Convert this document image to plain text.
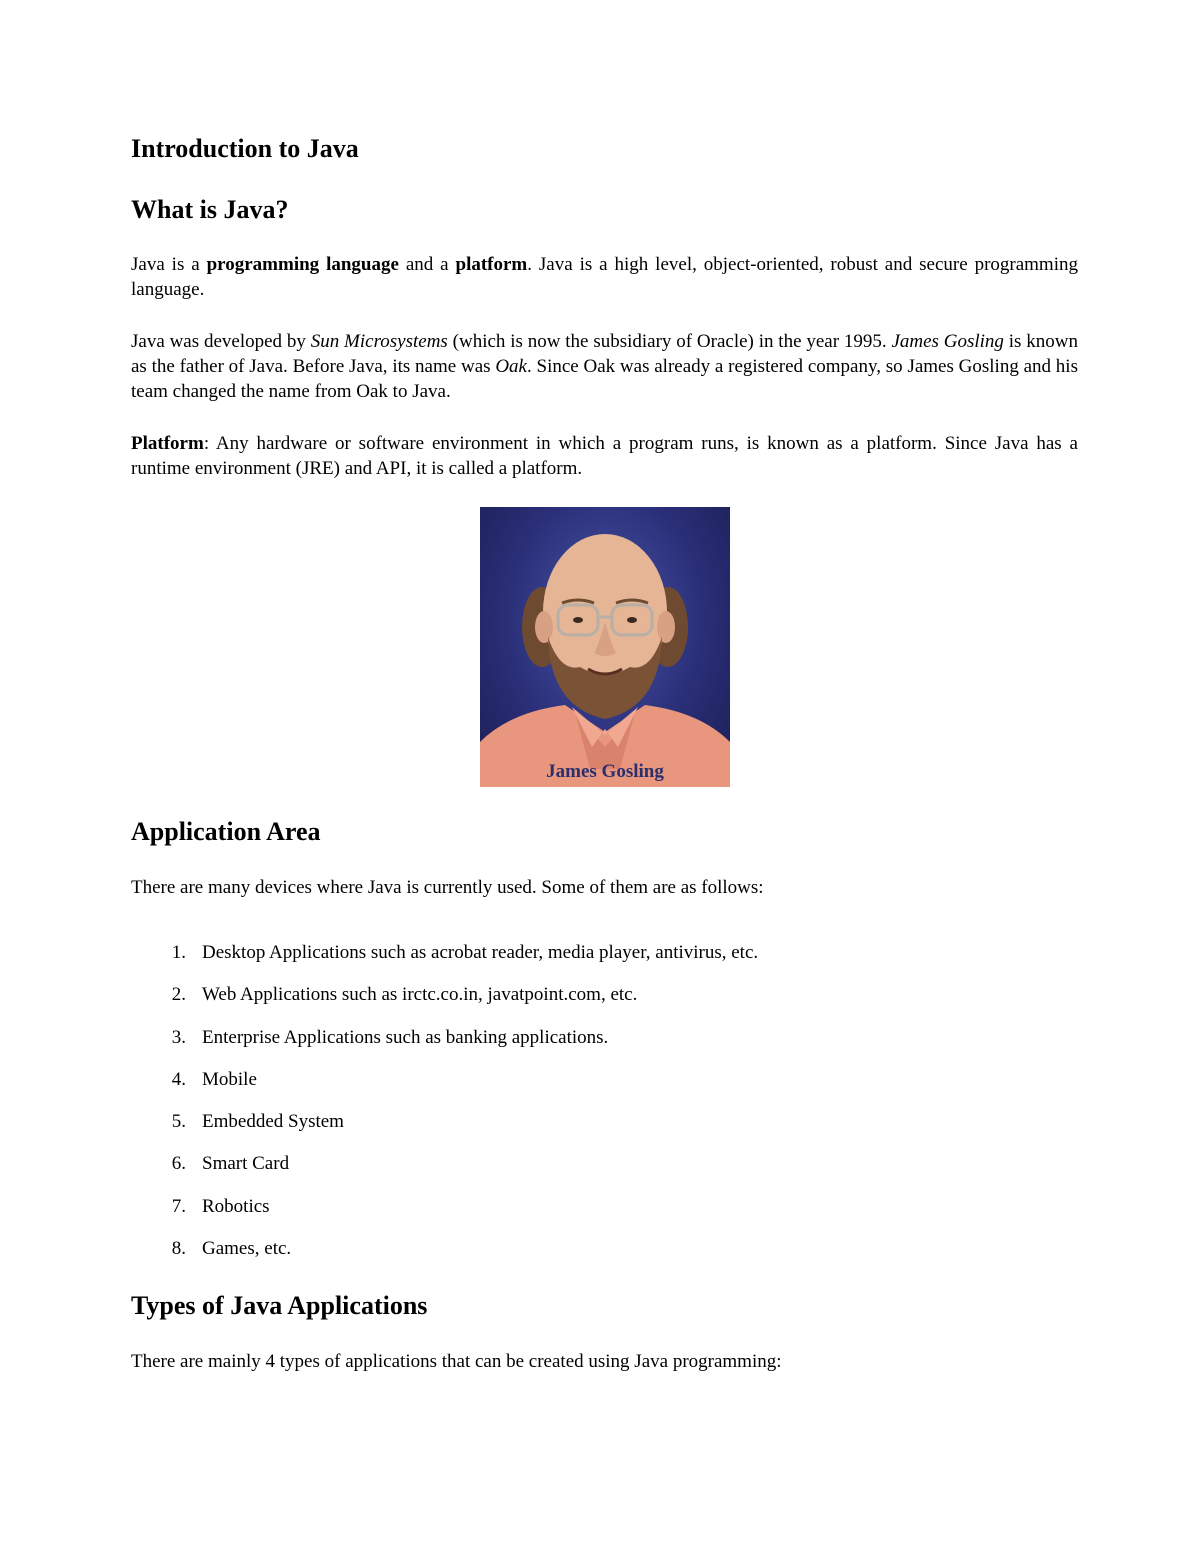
Introduction to Java
What is Java?

Java is a programming language and a platform. Java is a high level, object-oriented, robust and secure programming language.

Java was developed by Sun Microsystems (which is now the subsidiary of Oracle) in the year 1995. James Gosling is known as the father of Java. Before Java, its name was Oak. Since Oak was already a registered company, so James Gosling and his team changed the name from Oak to Java.

Platform: Any hardware or software environment in which a program runs, is known as a platform. Since Java has a runtime environment (JRE) and API, it is called a platform.

James Gosling
Application Area

There are many devices where Java is currently used. Some of them are as follows:

1. Desktop Applications such as acrobat reader, media player, antivirus, etc.
2. Web Applications such as irctc.co.in, javatpoint.com, etc.
3. Enterprise Applications such as banking applications.
4. Mobile
5. Embedded System
6. Smart Card
7. Robotics
8. Games, etc.
Types of Java Applications

There are mainly 4 types of applications that can be created using Java programming:
